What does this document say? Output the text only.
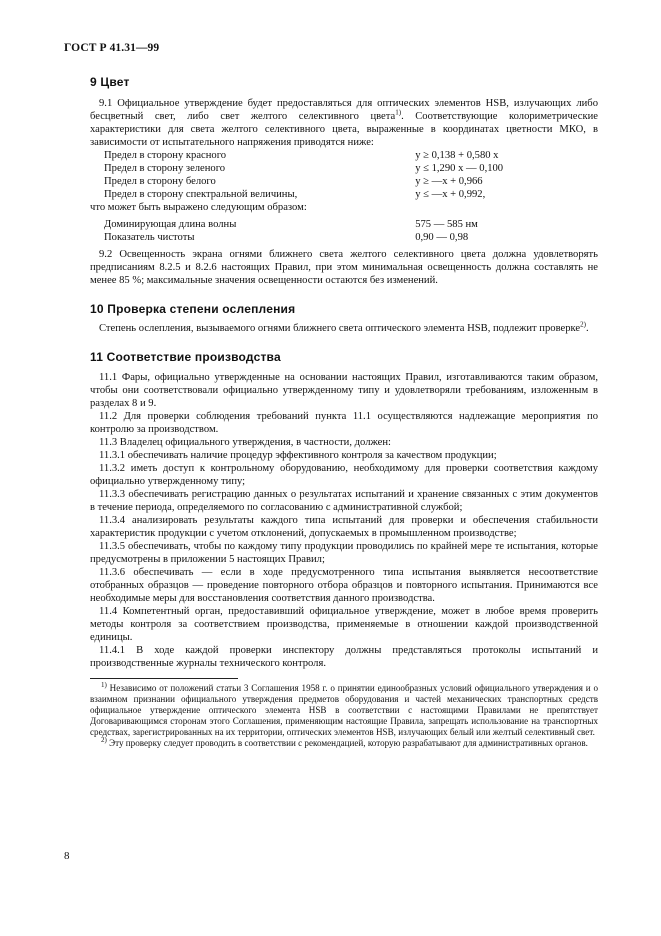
ГОСТ Р 41.31—99
9 Цвет

9.1 Официальное утверждение будет предоставляться для оптических элементов HSB, излучающих либо бесцветный свет, либо свет желтого селективного цвета$^{1)}$. Соответствующие колориметрические характеристики для света желтого селективного цвета, выраженные в координатах цветности МКО, в зависимости от испытательного напряжения приводятся ниже:

Предел в сторону красного	y ≥ 0,138 + 0,580 x
Предел в сторону зеленого	y ≤ 1,290 x — 0,100
Предел в сторону белого	y ≥ —x + 0,966
Предел в сторону спектральной величины,	y ≤ —x + 0,992,

что может быть выражено следующим образом:

Доминирующая длина волны	575 — 585 нм
Показатель чистоты	0,90 — 0,98

9.2 Освещенность экрана огнями ближнего света желтого селективного цвета должна удовлетворять предписаниям 8.2.5 и 8.2.6 настоящих Правил, при этом минимальная освещенность должна составлять не менее 85 %; максимальные значения освещенности остаются без изменений.

10 Проверка степени ослепления

Степень ослепления, вызываемого огнями ближнего света оптического элемента HSB, подлежит проверке$^{2)}$.

11 Соответствие производства

11.1 Фары, официально утвержденные на основании настоящих Правил, изготавливаются таким образом, чтобы они соответствовали официально утвержденному типу и удовлетворяли требованиям, изложенным в разделах 8 и 9.

11.2 Для проверки соблюдения требований пункта 11.1 осуществляются надлежащие мероприятия по контролю за производством.

11.3 Владелец официального утверждения, в частности, должен:

11.3.1 обеспечивать наличие процедур эффективного контроля за качеством продукции;

11.3.2 иметь доступ к контрольному оборудованию, необходимому для проверки соответствия каждому официально утвержденному типу;

11.3.3 обеспечивать регистрацию данных о результатах испытаний и хранение связанных с этим документов в течение периода, определяемого по согласованию с административной службой;

11.3.4 анализировать результаты каждого типа испытаний для проверки и обеспечения стабильности характеристик продукции с учетом отклонений, допускаемых в промышленном производстве;

11.3.5 обеспечивать, чтобы по каждому типу продукции проводились по крайней мере те испытания, которые предусмотрены в приложении 5 настоящих Правил;

11.3.6 обеспечивать — если в ходе предусмотренного типа испытания выявляется несоответствие отобранных образцов — проведение повторного отбора образцов и повторного испытания. Принимаются все необходимые меры для восстановления соответствия данного производства.

11.4 Компетентный орган, предоставивший официальное утверждение, может в любое время проверить методы контроля за соответствием производства, применяемые в отношении каждой производственной единицы.

11.4.1 В ходе каждой проверки инспектору должны представляться протоколы испытаний и производственные журналы технического контроля.

$^{1)}$ Независимо от положений статьи 3 Соглашения 1958 г. о принятии единообразных условий официального утверждения и о взаимном признании официального утверждения предметов оборудования и частей механических транспортных средств официальное утверждение оптического элемента HSB в соответствии с настоящими Правилами не препятствует Договаривающимся сторонам этого Соглашения, применяющим настоящие Правила, запрещать использование на транспортных средствах, зарегистрированных на их территории, оптических элементов HSB, излучающих белый или желтый селективный свет.

$^{2)}$ Эту проверку следует проводить в соответствии с рекомендацией, которую разрабатывают для административных органов.

8
